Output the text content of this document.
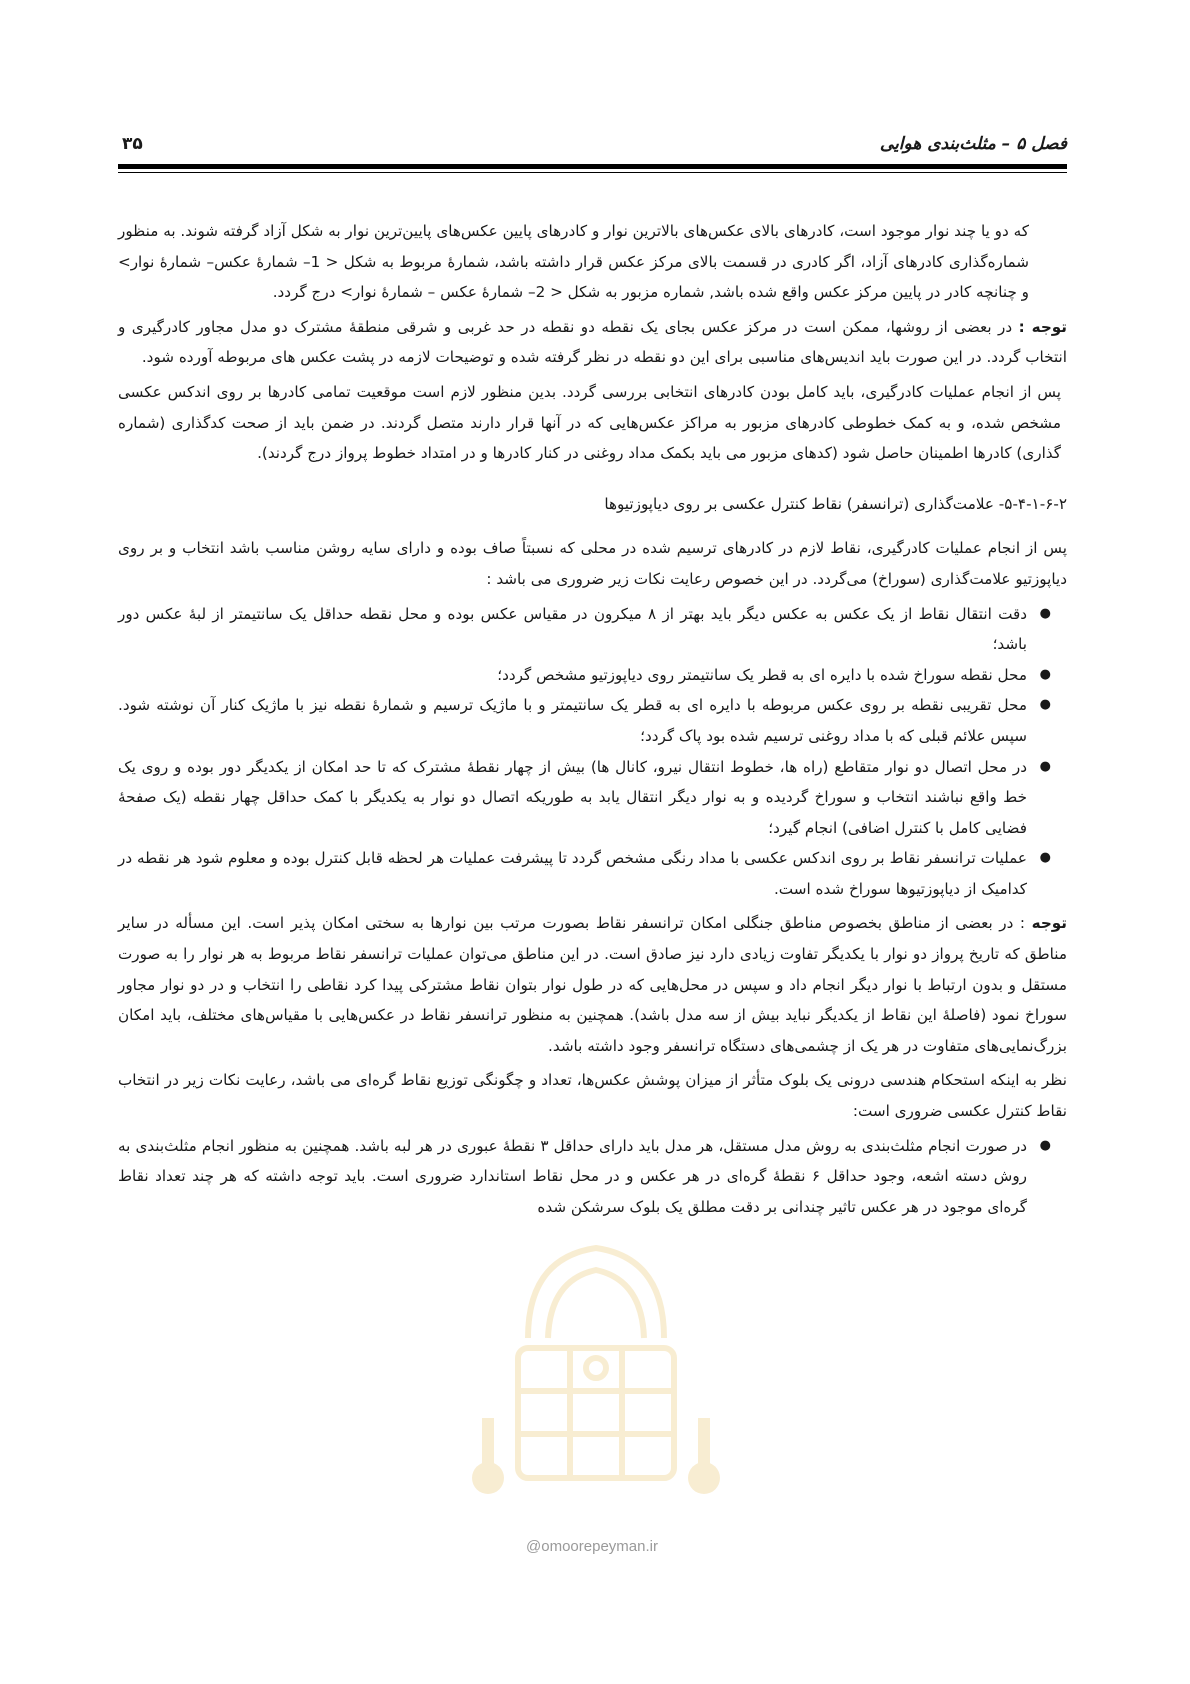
فصل ۵ – مثلث‌بندی هوایی
۳۵

که دو یا چند نوار موجود است، کادرهای بالای عکس‌های بالاترین نوار و کادرهای پایین عکس‌های پایین‌ترین نوار به شکل آزاد گرفته شوند. به منظور شماره‌گذاری کادرهای آزاد، اگر کادری در قسمت بالای مرکز عکس قرار داشته باشد، شمارهٔ مربوط به شکل < 1– شمارهٔ عکس– شمارهٔ نوار> و چنانچه کادر در پایین مرکز عکس واقع شده باشد, شماره مزبور به شکل < 2– شمارهٔ عکس – شمارهٔ نوار> درج گردد.

توجه : در بعضی از روشها، ممکن است در مرکز عکس بجای یک نقطه دو نقطه در حد غربی و شرقی منطقهٔ مشترک دو مدل مجاور کادرگیری و انتخاب گردد. در این صورت باید اندیس‌های مناسبی برای این دو نقطه در نظر گرفته شده و توضیحات لازمه در پشت عکس های مربوطه آورده شود.

پس از انجام عملیات کادرگیری، باید کامل بودن کادرهای انتخابی بررسی گردد. بدین منظور لازم است موقعیت تمامی کادرها بر روی اندکس عکسی مشخص شده، و به کمک خطوطی کادرهای مزبور به مراکز عکس‌هایی که در آنها قرار دارند متصل گردند. در ضمن باید از صحت کدگذاری (شماره گذاری) کادرها اطمینان حاصل شود (کدهای مزبور می باید بکمک مداد روغنی در کنار کادرها و در امتداد خطوط پرواز درج گردند).

۵-۴-۱-۶-۲- علامت‌گذاری (ترانسفر) نقاط کنترل عکسی بر روی دیاپوزتیوها

پس از انجام عملیات کادرگیری، نقاط لازم در کادرهای ترسیم شده در محلی که نسبتاً صاف بوده و دارای سایه روشن مناسب باشد انتخاب و بر روی دیاپوزتیو علامت‌گذاری (سوراخ) می‌گردد. در این خصوص رعایت نکات زیر ضروری می باشد :

●
دقت انتقال نقاط از یک عکس به عکس دیگر باید بهتر از ۸ میکرون در مقیاس عکس بوده و محل نقطه حداقل یک سانتیمتر از لبهٔ عکس دور باشد؛
●
محل نقطه سوراخ شده با دایره ای به قطر یک سانتیمتر روی دیاپوزتیو مشخص گردد؛
●
محل تقریبی نقطه بر روی عکس مربوطه با دایره ای به قطر یک سانتیمتر و با ماژیک ترسیم و شمارهٔ نقطه نیز با ماژیک کنار آن نوشته شود. سپس علائم قبلی که با مداد روغنی ترسیم شده بود پاک گردد؛
●
در محل اتصال دو نوار متقاطع (راه ها، خطوط انتقال نیرو، کانال ها) بیش از چهار نقطهٔ مشترک که تا حد امکان از یکدیگر دور بوده و روی یک خط واقع نباشند انتخاب و سوراخ گردیده و به نوار دیگر انتقال یابد به طوریکه اتصال دو نوار به یکدیگر با کمک حداقل چهار نقطه (یک صفحهٔ فضایی کامل با کنترل اضافی) انجام گیرد؛
●
عملیات ترانسفر نقاط بر روی اندکس عکسی با مداد رنگی مشخص گردد تا پیشرفت عملیات هر لحظه قابل کنترل بوده و معلوم شود هر نقطه در کدامیک از دیاپوزتیوها سوراخ شده است.

توجه : در بعضی از مناطق بخصوص مناطق جنگلی امکان ترانسفر نقاط بصورت مرتب بین نوارها به سختی امکان پذیر است. این مسأله در سایر مناطق که تاریخ پرواز دو نوار با یکدیگر تفاوت زیادی دارد نیز صادق است. در این مناطق می‌توان عملیات ترانسفر نقاط مربوط به هر نوار را به صورت مستقل و بدون ارتباط با نوار دیگر انجام داد و سپس در محل‌هایی که در طول نوار بتوان نقاط مشترکی پیدا کرد نقاطی را انتخاب و در دو نوار مجاور سوراخ نمود (فاصلهٔ این نقاط از یکدیگر نباید بیش از سه مدل باشد). همچنین به منظور ترانسفر نقاط در عکس‌هایی با مقیاس‌های مختلف، باید امکان بزرگ‌نمایی‌های متفاوت در هر یک از چشمی‌های دستگاه ترانسفر وجود داشته باشد.

نظر به اینکه استحکام هندسی درونی یک بلوک متأثر از میزان پوشش عکس‌ها، تعداد و چگونگی توزیع نقاط گره‌ای می باشد، رعایت نکات زیر در انتخاب نقاط کنترل عکسی ضروری است:

●
در صورت انجام مثلث‌بندی به روش مدل مستقل، هر مدل باید دارای حداقل ۳ نقطهٔ عبوری در هر لبه باشد. همچنین به منظور انجام مثلث‌بندی به روش دسته اشعه، وجود حداقل ۶ نقطهٔ گره‌ای در هر عکس و در محل نقاط استاندارد ضروری است. باید توجه داشته که هر چند تعداد نقاط گره‌ای موجود در هر عکس تاثیر چندانی بر دقت مطلق یک بلوک سرشکن شده
@omoorepeyman.ir
